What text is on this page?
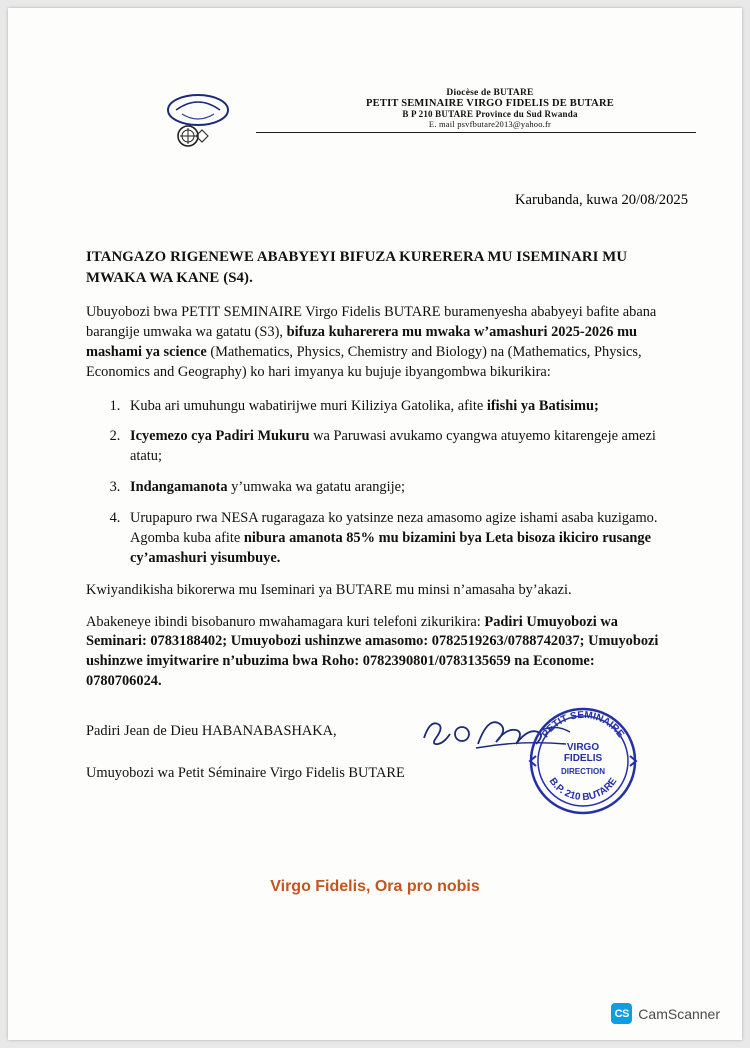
Diocèse de BUTARE
PETIT SEMINAIRE VIRGO FIDELIS DE BUTARE
B P 210 BUTARE Province du Sud Rwanda
E. mail psvfbutare2013@yahoo.fr
Karubanda, kuwa 20/08/2025
ITANGAZO RIGENEWE ABABYEYI BIFUZA KURERERA MU ISEMINARI MU MWAKA WA KANE (S4).

Ubuyobozi bwa PETIT SEMINAIRE Virgo Fidelis BUTARE buramenyesha ababyeyi bafite abana barangije umwaka wa gatatu (S3), bifuza kuharerera mu mwaka w’amashuri 2025-2026 mu mashami ya science (Mathematics, Physics, Chemistry and Biology) na (Mathematics, Physics, Economics and Geography) ko hari imyanya ku bujuje ibyangombwa bikurikira:

1. Kuba ari umuhungu wabatirijwe muri Kiliziya Gatolika, afite ifishi ya Batisimu;
2. Icyemezo cya Padiri Mukuru wa Paruwasi avukamo cyangwa atuyemo kitarengeje amezi atatu;
3. Indangamanota y’umwaka wa gatatu arangije;
4. Urupapuro rwa NESA rugaragaza ko yatsinze neza amasomo agize ishami asaba kuzigamo. Agomba kuba afite nibura amanota 85% mu bizamini bya Leta bisoza ikiciro rusange cy’amashuri yisumbuye.

Kwiyandikisha bikorerwa mu Iseminari ya BUTARE mu minsi n’amasaha by’akazi.

Abakeneye ibindi bisobanuro mwahamagara kuri telefoni zikurikira: Padiri Umuyobozi wa Seminari: 0783188402; Umuyobozi ushinzwe amasomo: 0782519263/0788742037; Umuyobozi ushinzwe imyitwarire n’ubuzima bwa Roho: 0782390801/0783135659 na Econome: 0780706024.

Padiri Jean de Dieu HABANABASHAKA,

Umuyobozi wa Petit Séminaire Virgo Fidelis BUTARE

PETIT SEMINAIRE
B.P. 210 BUTARE
VIRGO
FIDELIS
DIRECTION
Virgo Fidelis, Ora pro nobis
CS CamScanner
